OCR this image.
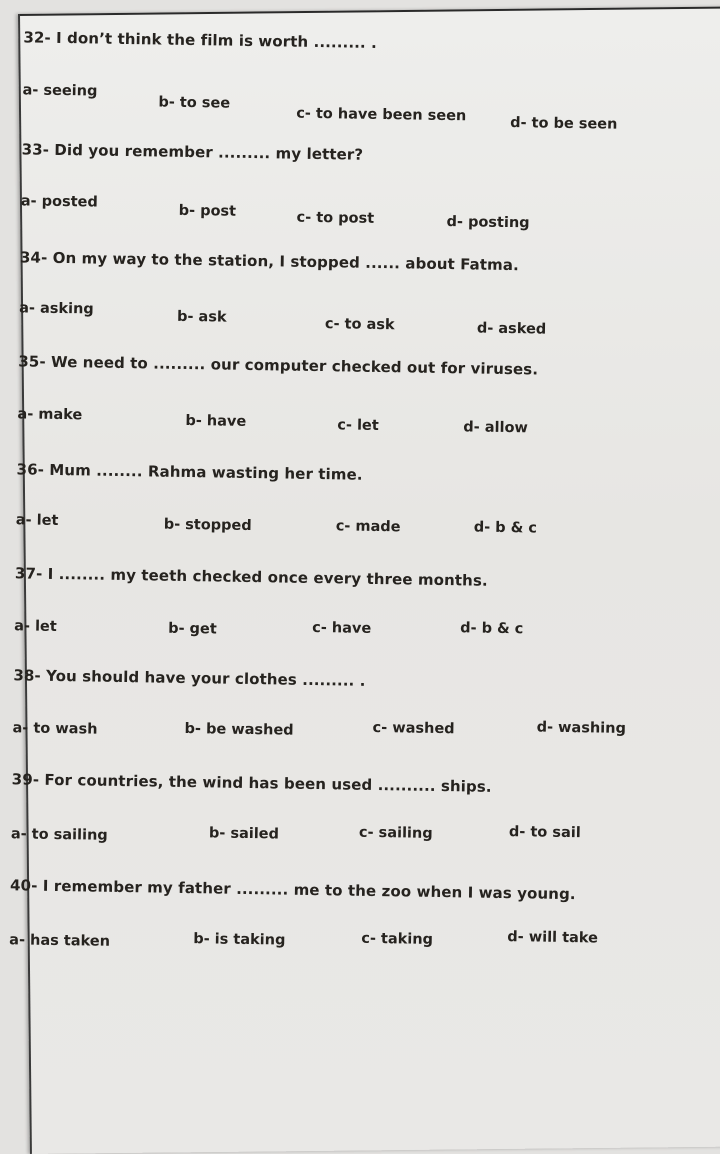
32- I don’t think the film is worth ......... .
a- seeing
b- to see
c- to have been seen	d- to be seen
33- Did you remember ......... my letter?
a- posted
b- post	c- to post	d- posting
34- On my way to the station, I stopped ...... about Fatma.
a- asking	b- ask	c- to ask	d- asked
35- We need to ......... our computer checked out for viruses.
a- make	b- have	c- let	d- allow
36- Mum ........ Rahma wasting her time.
a- let	b- stopped	c- made	d- b & c
37- I ........ my teeth checked once every three months.
a- let	b- get	c- have	d- b & c
38- You should have your clothes ......... .
a- to wash	b- be washed	c- washed	d- washing
39- For countries, the wind has been used .......... ships.
a- to sailing	b- sailed	c- sailing	d- to sail
40- I remember my father ......... me to the zoo when I was young.
a- has taken	b- is taking	c- taking	d- will take
